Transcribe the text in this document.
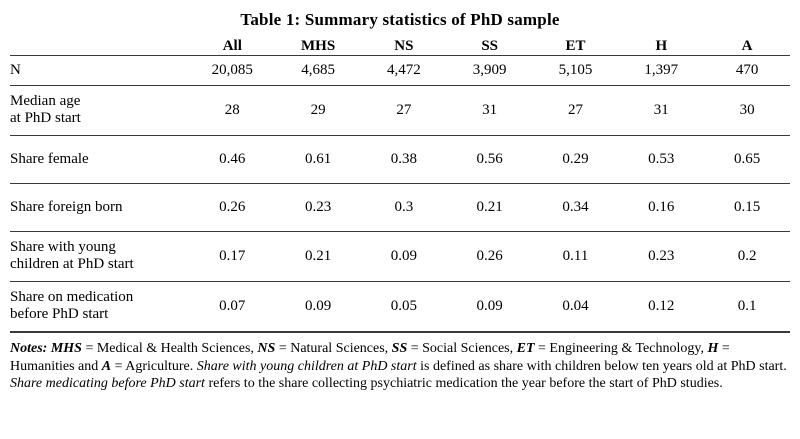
Table 1: Summary statistics of PhD sample
	All	MHS	NS	SS	ET	H	A
N	20,085	4,685	4,472	3,909	5,105	1,397	470
Median age
at PhD start	28	29	27	31	27	31	30
Share female	0.46	0.61	0.38	0.56	0.29	0.53	0.65
Share foreign born	0.26	0.23	0.3	0.21	0.34	0.16	0.15
Share with young
children at PhD start	0.17	0.21	0.09	0.26	0.11	0.23	0.2
Share on medication
before PhD start	0.07	0.09	0.05	0.09	0.04	0.12	0.1
Notes: MHS = Medical & Health Sciences, NS = Natural Sciences, SS = Social Sciences, ET = Engineering & Technology, H = Humanities and A = Agriculture. Share with young children at PhD start is defined as share with children below ten years old at PhD start. Share medicating before PhD start refers to the share collecting psychiatric medication the year before the start of PhD studies.
